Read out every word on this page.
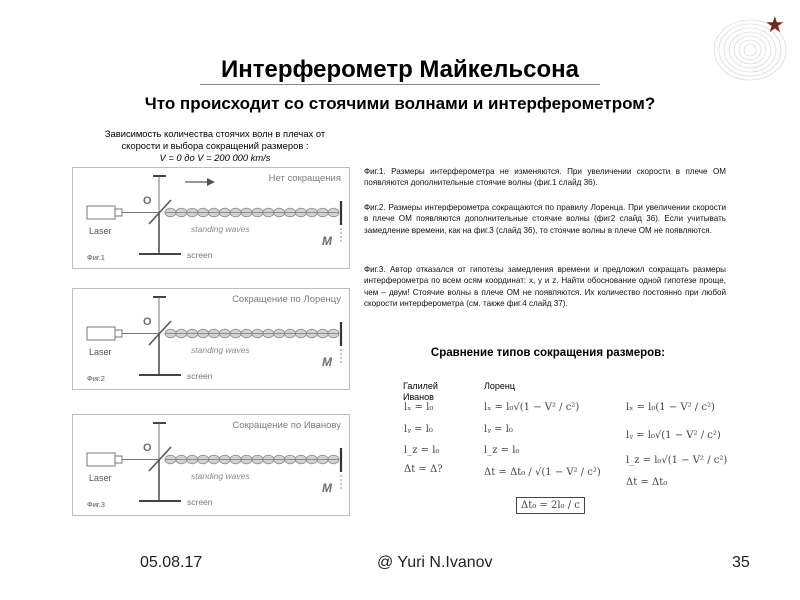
★
Интерферометр Майкельсона
Что происходит со стоячими волнами и интерферометром?
Зависимость количества стоячих волн в плечах от
скорости и выбора сокращений размеров :
V = 0 до V = 200 000 km/s
Нет сокращения
Laser
O
standing waves
screen
M
Фиг.1
Сокращение по Лоренцу
Laser
O
standing waves
screen
M
Фиг.2
Сокращение по Иванову
Laser
O
standing waves
screen
M
Фиг.3
Фиг.1. Размеры интерферометра не изменяются. При увеличении скорости в плече ОМ появляются дополнительные стоячие волны (фиг.1 слайд 36).
Фиг.2. Размеры интерферометра сокращаются по правилу Лоренца. При увеличении скорости в плече ОМ появляются дополнительные стоячие волны (фиг2 слайд 36). Если учитывать замедление времени, как на фиг.3 (слайд 36), то стоячие волны в плече ОМ не появляются.
Фиг.3. Автор отказался от гипотезы замедления времени и предложил сокращать размеры интерферометра по всем осям координат: x, y и z. Найти обоснование одной гипотезе проще, чем – двум! Стоячие волны в плече ОМ не появляются. Их количество постоянно при любой скорости интерферометра (см. также фиг.4 слайд 37).
Сравнение типов сокращения размеров:
Галилей
Иванов
Лоренц
lₓ = l₀
lᵧ = l₀
l_z = l₀
Δt = Δ?
lₓ = l₀√(1 − V² / c²)
lᵧ = l₀
l_z = l₀
Δt = Δt₀ / √(1 − V² / c²)
lₓ = l₀(1 − V² / c²)
lᵧ = l₀√(1 − V² / c²)
l_z = l₀√(1 − V² / c²)
Δt = Δt₀
Δt₀ = 2l₀ / c
05.08.17	@ Yuri N.Ivanov	35
